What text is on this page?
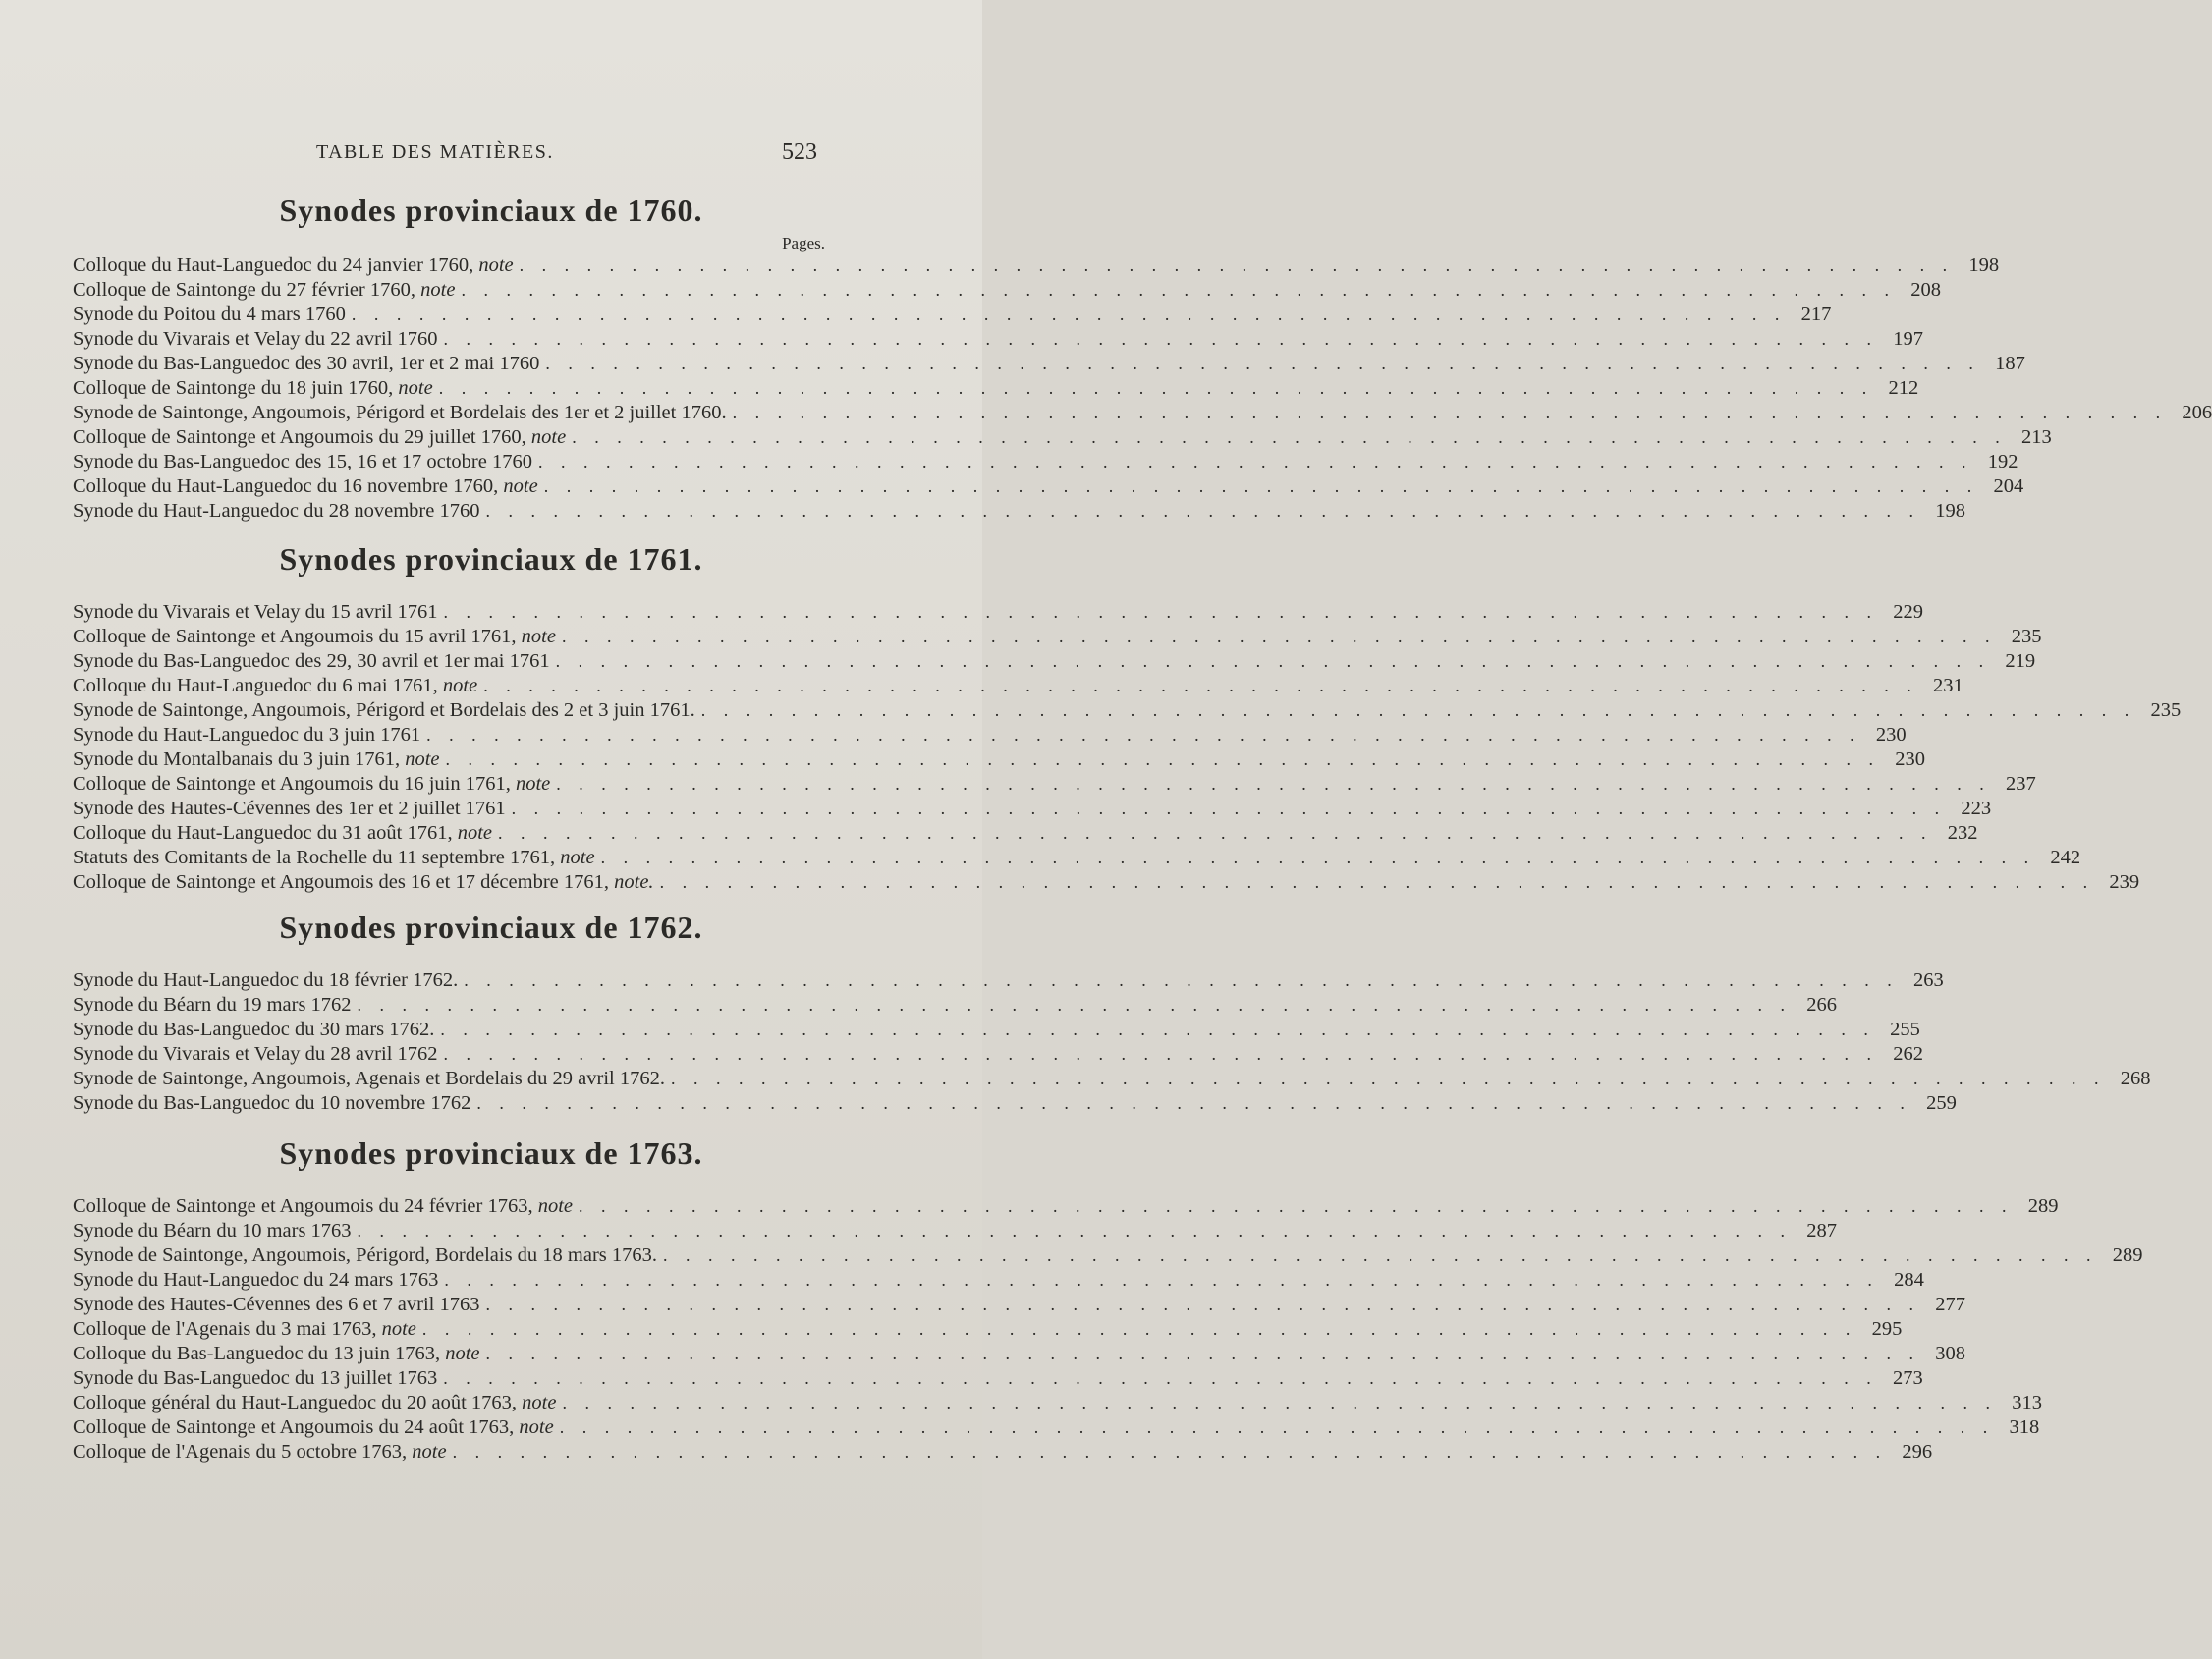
TABLE DES MATIÈRES.	523
Synodes provinciaux de 1760.
Pages.
Colloque du Haut-Languedoc du 24 janvier 1760, note . . .	198
Colloque de Saintonge du 27 février 1760, note . . .	208
Synode du Poitou du 4 mars 1760 . . .	217
Synode du Vivarais et Velay du 22 avril 1760 . . .	197
Synode du Bas-Languedoc des 30 avril, 1er et 2 mai 1760 . . .	187
Colloque de Saintonge du 18 juin 1760, note . . .	212
Synode de Saintonge, Angoumois, Périgord et Bordelais des 1er et 2 juillet 1760. . . .	206
Colloque de Saintonge et Angoumois du 29 juillet 1760, note . . .	213
Synode du Bas-Languedoc des 15, 16 et 17 octobre 1760 . . .	192
Colloque du Haut-Languedoc du 16 novembre 1760, note . . .	204
Synode du Haut-Languedoc du 28 novembre 1760 . . .	198
Synodes provinciaux de 1761.
Synode du Vivarais et Velay du 15 avril 1761 . . .	229
Colloque de Saintonge et Angoumois du 15 avril 1761, note . . .	235
Synode du Bas-Languedoc des 29, 30 avril et 1er mai 1761 . . .	219
Colloque du Haut-Languedoc du 6 mai 1761, note . . .	231
Synode de Saintonge, Angoumois, Périgord et Bordelais des 2 et 3 juin 1761. . . .	235
Synode du Haut-Languedoc du 3 juin 1761 . . .	230
Synode du Montalbanais du 3 juin 1761, note . . .	230
Colloque de Saintonge et Angoumois du 16 juin 1761, note . . .	237
Synode des Hautes-Cévennes des 1er et 2 juillet 1761 . . .	223
Colloque du Haut-Languedoc du 31 août 1761, note . . .	232
Statuts des Comitants de la Rochelle du 11 septembre 1761, note . . .	242
Colloque de Saintonge et Angoumois des 16 et 17 décembre 1761, note. . . .	239
Synodes provinciaux de 1762.
Synode du Haut-Languedoc du 18 février 1762. . . .	263
Synode du Béarn du 19 mars 1762 . . .	266
Synode du Bas-Languedoc du 30 mars 1762. . . .	255
Synode du Vivarais et Velay du 28 avril 1762 . . .	262
Synode de Saintonge, Angoumois, Agenais et Bordelais du 29 avril 1762. . . .	268
Synode du Bas-Languedoc du 10 novembre 1762 . . .	259
Synodes provinciaux de 1763.
Colloque de Saintonge et Angoumois du 24 février 1763, note . . .	289
Synode du Béarn du 10 mars 1763 . . .	287
Synode de Saintonge, Angoumois, Périgord, Bordelais du 18 mars 1763. . . .	289
Synode du Haut-Languedoc du 24 mars 1763 . . .	284
Synode des Hautes-Cévennes des 6 et 7 avril 1763 . . .	277
Colloque de l'Agenais du 3 mai 1763, note . . .	295
Colloque du Bas-Languedoc du 13 juin 1763, note . . .	308
Synode du Bas-Languedoc du 13 juillet 1763 . . .	273
Colloque général du Haut-Languedoc du 20 août 1763, note . . .	313
Colloque de Saintonge et Angoumois du 24 août 1763, note . . .	318
Colloque de l'Agenais du 5 octobre 1763, note . . .	296
